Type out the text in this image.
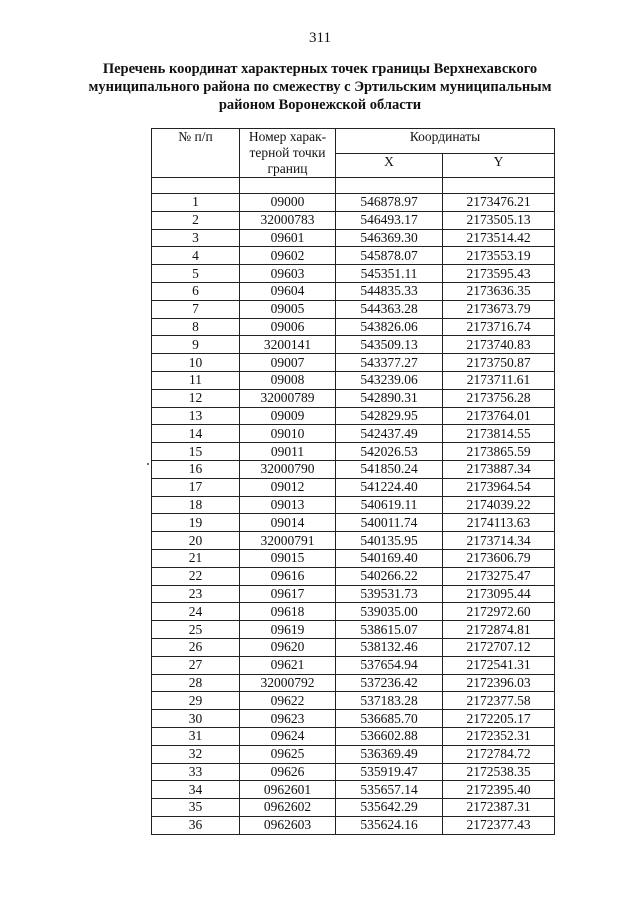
311
Перечень координат характерных точек границы Верхнехавского
муниципального района по смежеству с Эртильским муниципальным
районом Воронежской области
№ п/п	Номер харак-
терной точки
границ	Координаты	
		X	Y

1	09000	546878.97	2173476.21
2	32000783	546493.17	2173505.13
3	09601	546369.30	2173514.42
4	09602	545878.07	2173553.19
5	09603	545351.11	2173595.43
6	09604	544835.33	2173636.35
7	09005	544363.28	2173673.79
8	09006	543826.06	2173716.74
9	3200141	543509.13	2173740.83
10	09007	543377.27	2173750.87
11	09008	543239.06	2173711.61
12	32000789	542890.31	2173756.28
13	09009	542829.95	2173764.01
14	09010	542437.49	2173814.55
15	09011	542026.53	2173865.59
16	32000790	541850.24	2173887.34
17	09012	541224.40	2173964.54
18	09013	540619.11	2174039.22
19	09014	540011.74	2174113.63
20	32000791	540135.95	2173714.34
21	09015	540169.40	2173606.79
22	09616	540266.22	2173275.47
23	09617	539531.73	2173095.44
24	09618	539035.00	2172972.60
25	09619	538615.07	2172874.81
26	09620	538132.46	2172707.12
27	09621	537654.94	2172541.31
28	32000792	537236.42	2172396.03
29	09622	537183.28	2172377.58
30	09623	536685.70	2172205.17
31	09624	536602.88	2172352.31
32	09625	536369.49	2172784.72
33	09626	535919.47	2172538.35
34	0962601	535657.14	2172395.40
35	0962602	535642.29	2172387.31
36	0962603	535624.16	2172377.43
